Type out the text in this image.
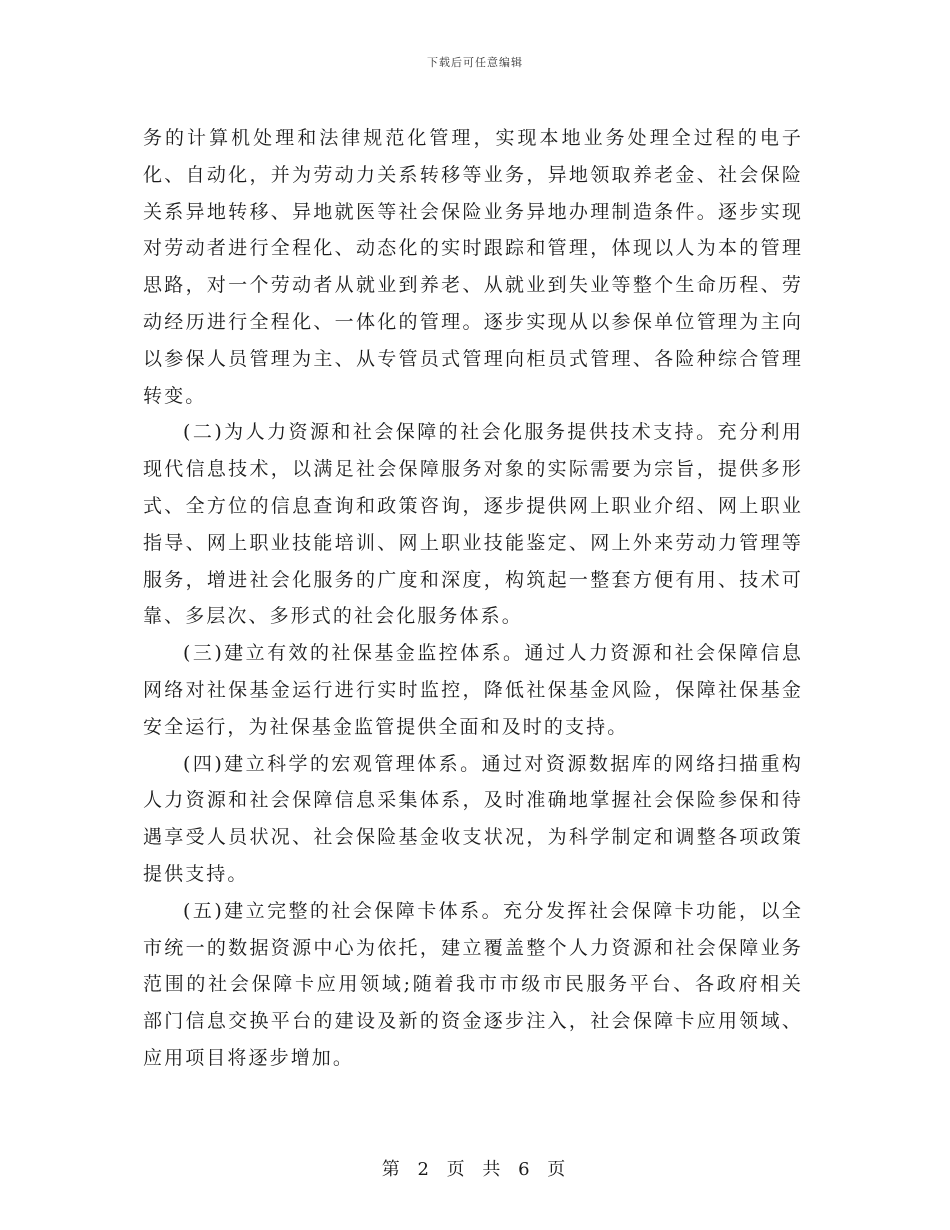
下载后可任意编辑

务的计算机处理和法律规范化管理，实现本地业务处理全过程的电子化、自动化，并为劳动力关系转移等业务，异地领取养老金、社会保险关系异地转移、异地就医等社会保险业务异地办理制造条件。逐步实现对劳动者进行全程化、动态化的实时跟踪和管理，体现以人为本的管理思路，对一个劳动者从就业到养老、从就业到失业等整个生命历程、劳动经历进行全程化、一体化的管理。逐步实现从以参保单位管理为主向以参保人员管理为主、从专管员式管理向柜员式管理、各险种综合管理转变。

(二)为人力资源和社会保障的社会化服务提供技术支持。充分利用现代信息技术，以满足社会保障服务对象的实际需要为宗旨，提供多形式、全方位的信息查询和政策咨询，逐步提供网上职业介绍、网上职业指导、网上职业技能培训、网上职业技能鉴定、网上外来劳动力管理等服务，增进社会化服务的广度和深度，构筑起一整套方便有用、技术可靠、多层次、多形式的社会化服务体系。

(三)建立有效的社保基金监控体系。通过人力资源和社会保障信息网络对社保基金运行进行实时监控，降低社保基金风险，保障社保基金安全运行，为社保基金监管提供全面和及时的支持。

(四)建立科学的宏观管理体系。通过对资源数据库的网络扫描重构人力资源和社会保障信息采集体系，及时准确地掌握社会保险参保和待遇享受人员状况、社会保险基金收支状况，为科学制定和调整各项政策提供支持。

(五)建立完整的社会保障卡体系。充分发挥社会保障卡功能，以全市统一的数据资源中心为依托，建立覆盖整个人力资源和社会保障业务范围的社会保障卡应用领域;随着我市市级市民服务平台、各政府相关部门信息交换平台的建设及新的资金逐步注入，社会保障卡应用领域、应用项目将逐步增加。

第 2 页 共 6 页
